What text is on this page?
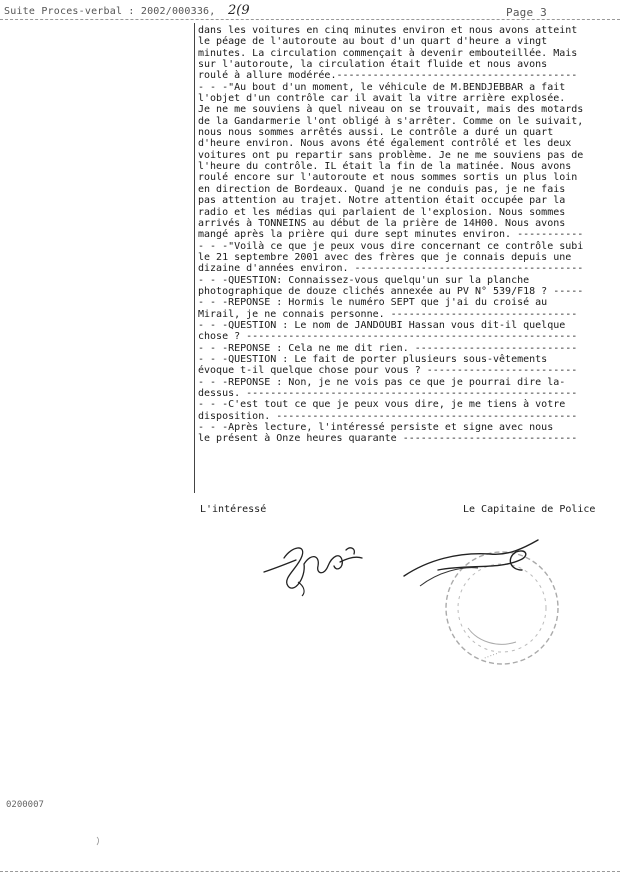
Suite Proces-verbal : 2002/000336, 2(9	Page 3
dans les voitures en cinq minutes environ et nous avons atteint
le péage de l'autoroute au bout d'un quart d'heure a vingt
minutes. La circulation commençait à devenir embouteillée. Mais
sur l'autoroute, la circulation était fluide et nous avons
roulé à allure modérée.----------------------------------------
- - -"Au bout d'un moment, le véhicule de M.BENDJEBBAR a fait
l'objet d'un contrôle car il avait la vitre arrière explosée.
Je ne me souviens à quel niveau on se trouvait, mais des motards
de la Gandarmerie l'ont obligé à s'arrêter. Comme on le suivait,
nous nous sommes arrêtés aussi. Le contrôle a duré un quart
d'heure environ. Nous avons été également contrôlé et les deux
voitures ont pu repartir sans problème. Je ne me souviens pas de
l'heure du contrôle. IL était la fin de la matinée. Nous avons
roulé encore sur l'autoroute et nous sommes sortis un plus loin
en direction de Bordeaux. Quand je ne conduis pas, je ne fais
pas attention au trajet. Notre attention était occupée par la
radio et les médias qui parlaient de l'explosion. Nous sommes
arrivés à TONNEINS au début de la prière de 14H00. Nous avons
mangé après la prière qui dure sept minutes environ. -----------
- - -"Voilà ce que je peux vous dire concernant ce contrôle subi
le 21 septembre 2001 avec des frères que je connais depuis une
dizaine d'années environ. --------------------------------------
- - -QUESTION: Connaissez-vous quelqu'un sur la planche
photographique de douze clichés annexée au PV N° 539/F18 ? -----
- - -REPONSE : Hormis le numéro SEPT que j'ai du croisé au
Mirail, je ne connais personne. -------------------------------
- - -QUESTION : Le nom de JANDOUBI Hassan vous dit-il quelque
chose ? -------------------------------------------------------
- - -REPONSE : Cela ne me dit rien. ---------------------------
- - -QUESTION : Le fait de porter plusieurs sous-vêtements
évoque t-il quelque chose pour vous ? -------------------------
- - -REPONSE : Non, je ne vois pas ce que je pourrai dire la-
dessus. -------------------------------------------------------
- - -C'est tout ce que je peux vous dire, je me tiens à votre
disposition. --------------------------------------------------
- - -Après lecture, l'intéressé persiste et signe avec nous
le présent à Onze heures quarante -----------------------------
L'intéressé	Le Capitaine de Police
·····
0200007
